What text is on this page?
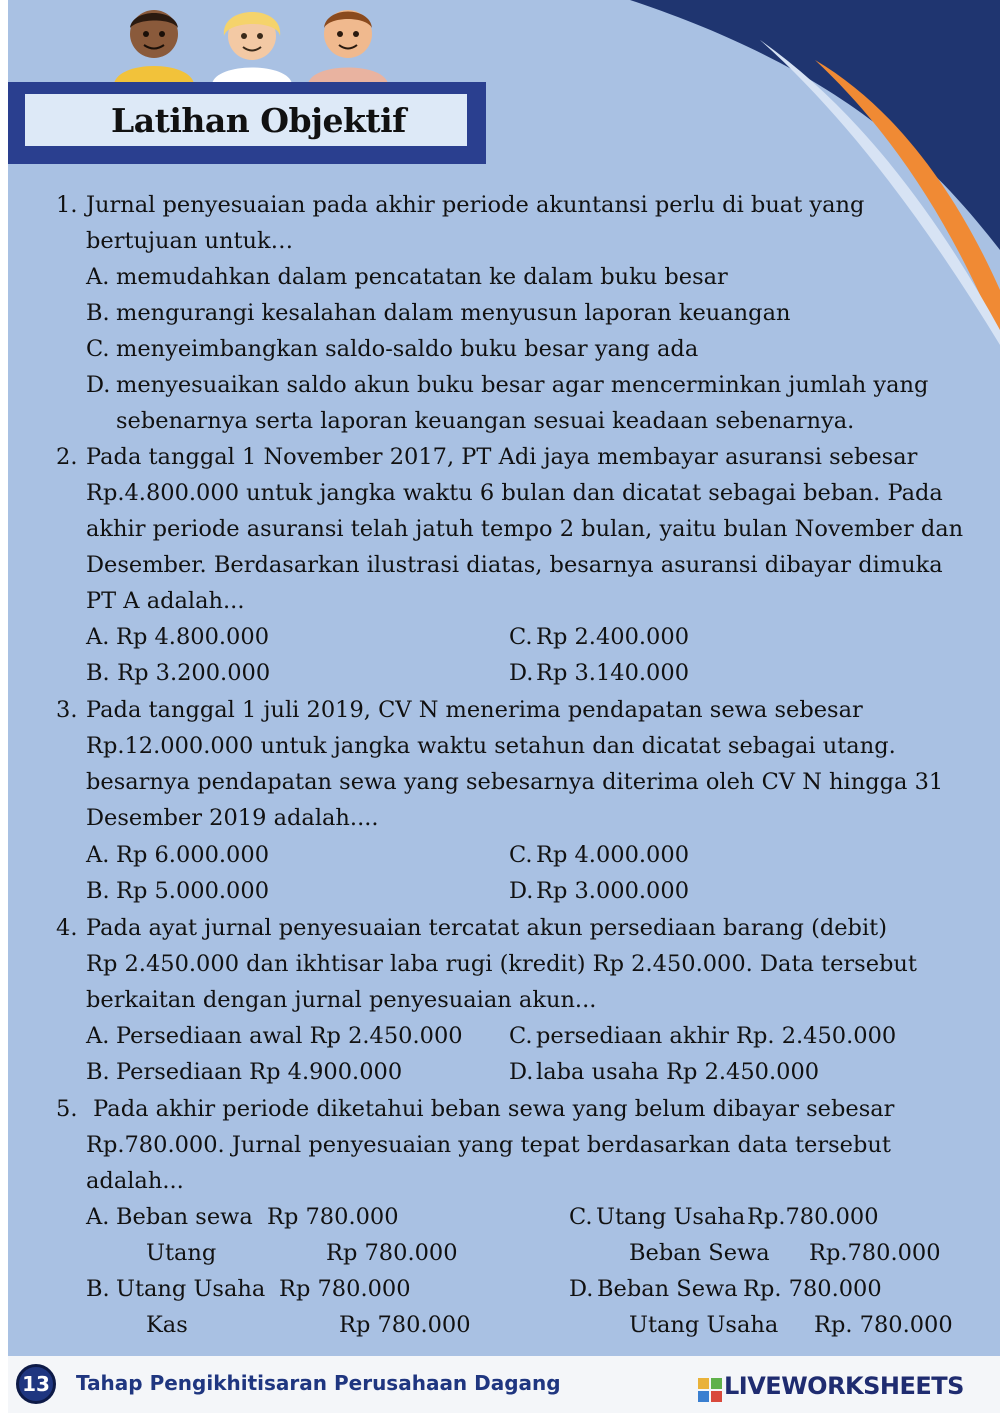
Latihan Objektif
1. Jurnal penyesuaian pada akhir periode akuntansi perlu di buat yang
bertujuan untuk…
A. memudahkan dalam pencatatan ke dalam buku besar
B. mengurangi kesalahan dalam menyusun laporan keuangan
C. menyeimbangkan saldo-saldo buku besar yang ada
D. menyesuaikan saldo akun buku besar agar mencerminkan jumlah yang
sebenarnya serta laporan keuangan sesuai keadaan sebenarnya.
2. Pada tanggal 1 November 2017, PT Adi jaya membayar asuransi sebesar
Rp.4.800.000 untuk jangka waktu 6 bulan dan dicatat sebagai beban. Pada
akhir periode asuransi telah jatuh tempo 2 bulan, yaitu bulan November dan
Desember. Berdasarkan ilustrasi diatas, besarnya asuransi dibayar dimuka
PT A adalah...
A. Rp 4.800.000	C. Rp 2.400.000
B. Rp 3.200.000	D. Rp 3.140.000
3. Pada tanggal 1 juli 2019, CV N menerima pendapatan sewa sebesar
Rp.12.000.000 untuk jangka waktu setahun dan dicatat sebagai utang.
besarnya pendapatan sewa yang sebesarnya diterima oleh CV N hingga 31
Desember 2019 adalah....
A. Rp 6.000.000	C. Rp 4.000.000
B. Rp 5.000.000	D. Rp 3.000.000
4. Pada ayat jurnal penyesuaian tercatat akun persediaan barang (debit)
Rp 2.450.000 dan ikhtisar laba rugi (kredit) Rp 2.450.000. Data tersebut
berkaitan dengan jurnal penyesuaian akun...
A. Persediaan awal Rp 2.450.000 C. persediaan akhir Rp. 2.450.000
B. Persediaan Rp 4.900.000	D. laba usaha Rp 2.450.000
5. Pada akhir periode diketahui beban sewa yang belum dibayar sebesar
Rp.780.000. Jurnal penyesuaian yang tepat berdasarkan data tersebut
adalah...
A. Beban sewa Rp 780.000
Utang	Rp 780.000
C. Utang Usaha Rp.780.000
Beban Sewa Rp.780.000
B. Utang Usaha Rp 780.000
Kas	Rp 780.000
D. Beban Sewa Rp. 780.000
Utang Usaha Rp. 780.000
13 Tahap Pengikhitisaran Perusahaan Dagang	LIVEWORKSHEETS
